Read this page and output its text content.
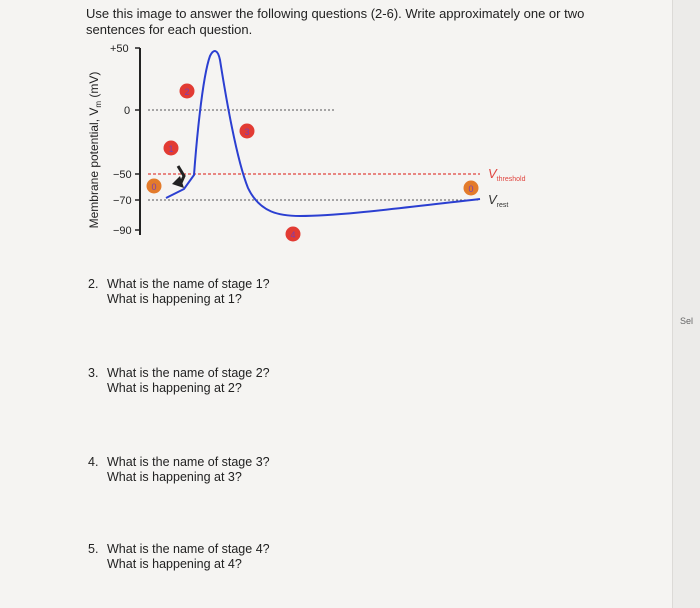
Sel
Use this image to answer the following questions (2-6). Write approximately one or two sentences for each question.
Membrane potential, $V_m$ (mV)
+50
0
−50
−70
−90
0
1
2
3
4
0
Vthreshold
Vrest
2. What is the name of stage 1?
What is happening at 1?
3. What is the name of stage 2?
What is happening at 2?
4. What is the name of stage 3?
What is happening at 3?
5. What is the name of stage 4?
What is happening at 4?
